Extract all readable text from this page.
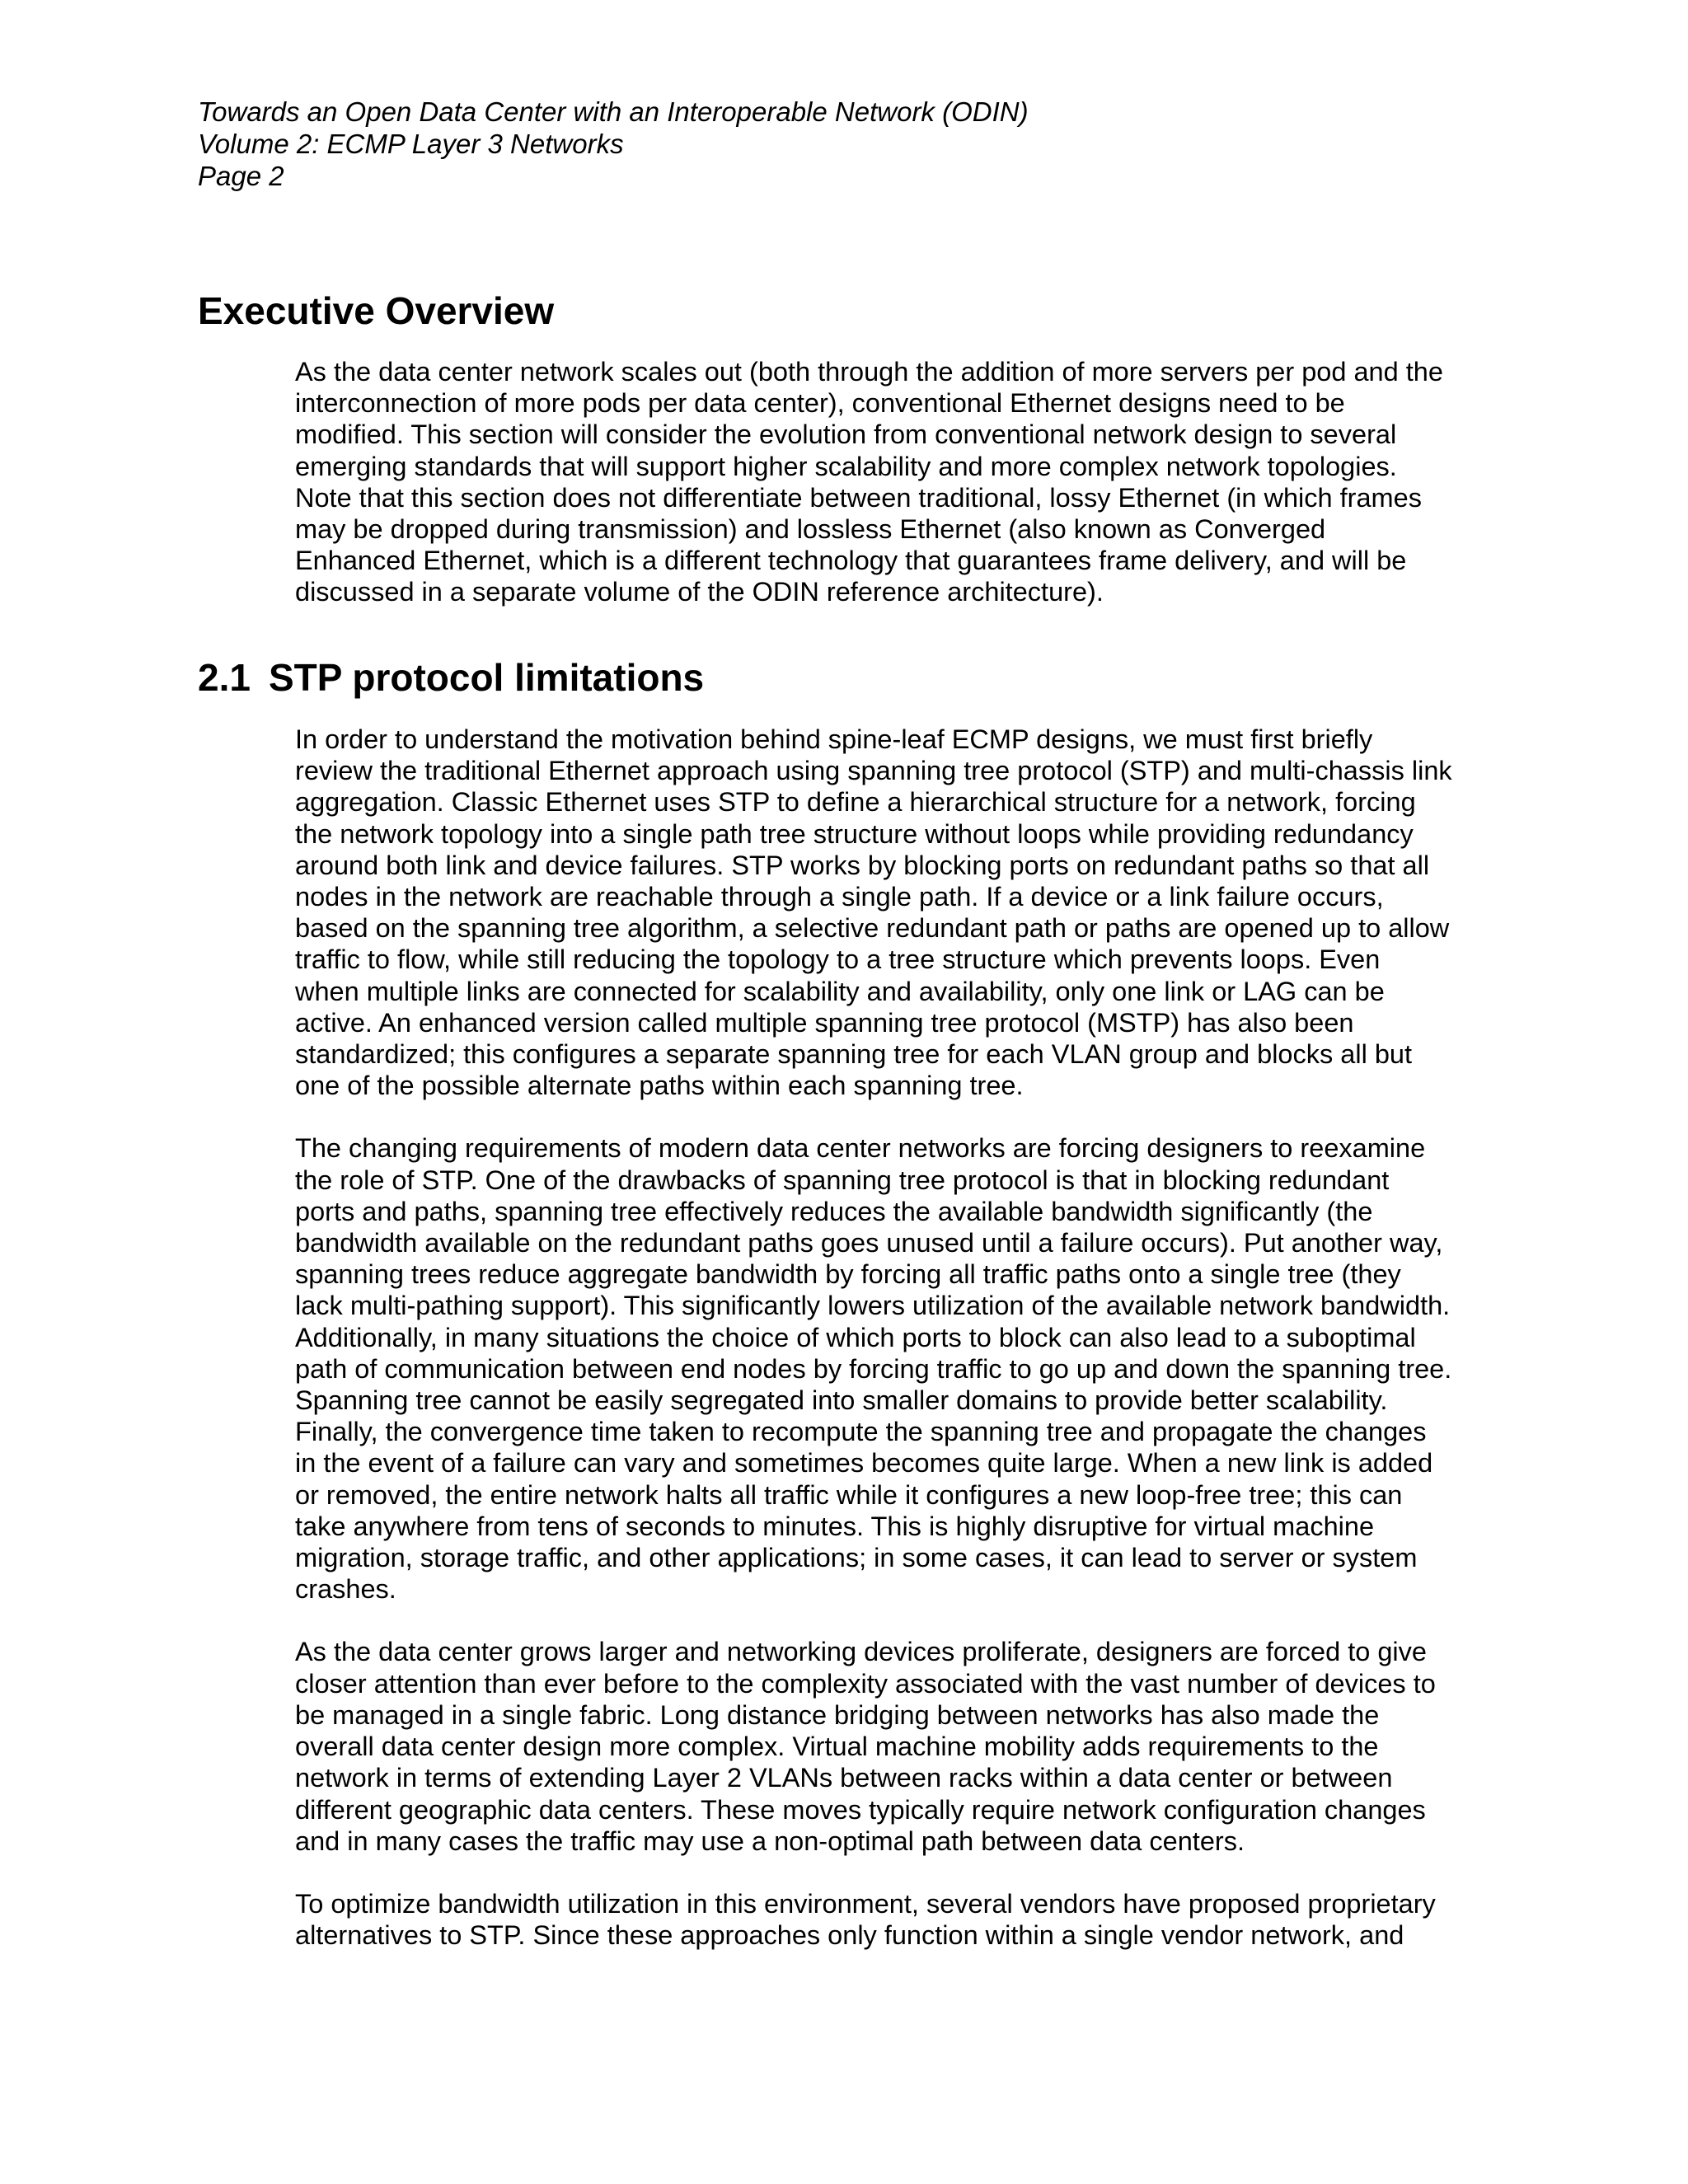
Towards an Open Data Center with an Interoperable Network (ODIN)
Volume 2: ECMP Layer 3 Networks
Page 2
Executive Overview

As the data center network scales out (both through the addition of more servers per pod and the
interconnection of more pods per data center), conventional Ethernet designs need to be
modified. This section will consider the evolution from conventional network design to several
emerging standards that will support higher scalability and more complex network topologies.
Note that this section does not differentiate between traditional, lossy Ethernet (in which frames
may be dropped during transmission) and lossless Ethernet (also known as Converged
Enhanced Ethernet, which is a different technology that guarantees frame delivery, and will be
discussed in a separate volume of the ODIN reference architecture).

2.1 STP protocol limitations

In order to understand the motivation behind spine-leaf ECMP designs, we must first briefly
review the traditional Ethernet approach using spanning tree protocol (STP) and multi-chassis link
aggregation. Classic Ethernet uses STP to define a hierarchical structure for a network, forcing
the network topology into a single path tree structure without loops while providing redundancy
around both link and device failures. STP works by blocking ports on redundant paths so that all
nodes in the network are reachable through a single path. If a device or a link failure occurs,
based on the spanning tree algorithm, a selective redundant path or paths are opened up to allow
traffic to flow, while still reducing the topology to a tree structure which prevents loops. Even
when multiple links are connected for scalability and availability, only one link or LAG can be
active. An enhanced version called multiple spanning tree protocol (MSTP) has also been
standardized; this configures a separate spanning tree for each VLAN group and blocks all but
one of the possible alternate paths within each spanning tree.

The changing requirements of modern data center networks are forcing designers to reexamine
the role of STP. One of the drawbacks of spanning tree protocol is that in blocking redundant
ports and paths, spanning tree effectively reduces the available bandwidth significantly (the
bandwidth available on the redundant paths goes unused until a failure occurs). Put another way,
spanning trees reduce aggregate bandwidth by forcing all traffic paths onto a single tree (they
lack multi-pathing support). This significantly lowers utilization of the available network bandwidth.
Additionally, in many situations the choice of which ports to block can also lead to a suboptimal
path of communication between end nodes by forcing traffic to go up and down the spanning tree.
Spanning tree cannot be easily segregated into smaller domains to provide better scalability.
Finally, the convergence time taken to recompute the spanning tree and propagate the changes
in the event of a failure can vary and sometimes becomes quite large. When a new link is added
or removed, the entire network halts all traffic while it configures a new loop-free tree; this can
take anywhere from tens of seconds to minutes. This is highly disruptive for virtual machine
migration, storage traffic, and other applications; in some cases, it can lead to server or system
crashes.

As the data center grows larger and networking devices proliferate, designers are forced to give
closer attention than ever before to the complexity associated with the vast number of devices to
be managed in a single fabric. Long distance bridging between networks has also made the
overall data center design more complex. Virtual machine mobility adds requirements to the
network in terms of extending Layer 2 VLANs between racks within a data center or between
different geographic data centers. These moves typically require network configuration changes
and in many cases the traffic may use a non-optimal path between data centers.

To optimize bandwidth utilization in this environment, several vendors have proposed proprietary
alternatives to STP. Since these approaches only function within a single vendor network, and
